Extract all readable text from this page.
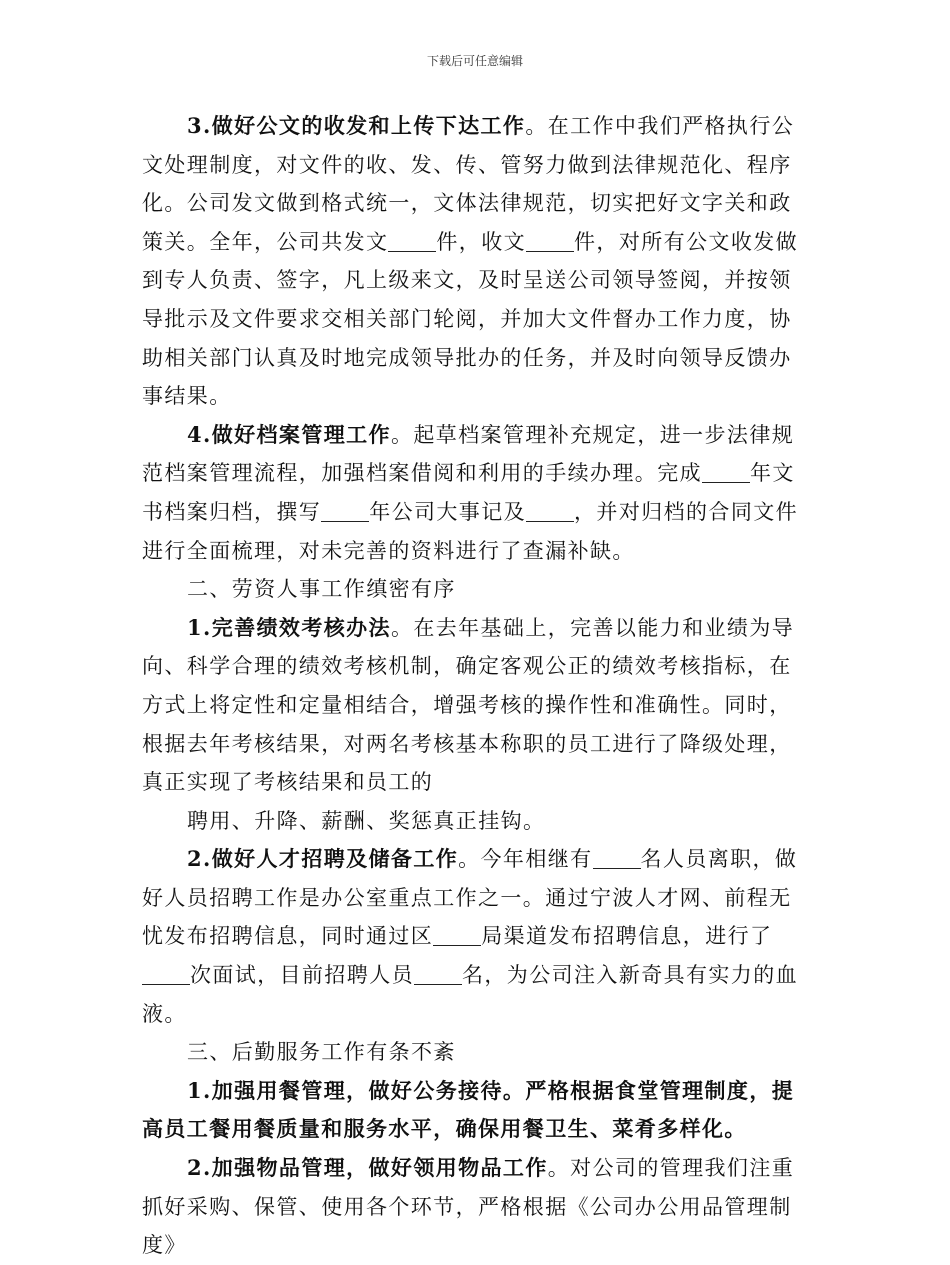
下载后可任意编辑

3.做好公文的收发和上传下达工作。在工作中我们严格执行公文处理制度，对文件的收、发、传、管努力做到法律规范化、程序化。公司发文做到格式统一，文体法律规范，切实把好文字关和政策关。全年，公司共发文 件，收文 件，对所有公文收发做到专人负责、签字，凡上级来文，及时呈送公司领导签阅，并按领导批示及文件要求交相关部门轮阅，并加大文件督办工作力度，协助相关部门认真及时地完成领导批办的任务，并及时向领导反馈办事结果。

4.做好档案管理工作。起草档案管理补充规定，进一步法律规范档案管理流程，加强档案借阅和利用的手续办理。完成 年文书档案归档，撰写 年公司大事记及 ，并对归档的合同文件进行全面梳理，对未完善的资料进行了查漏补缺。

二、劳资人事工作缜密有序

1.完善绩效考核办法。在去年基础上，完善以能力和业绩为导向、科学合理的绩效考核机制，确定客观公正的绩效考核指标，在方式上将定性和定量相结合，增强考核的操作性和准确性。同时，根据去年考核结果，对两名考核基本称职的员工进行了降级处理，真正实现了考核结果和员工的

聘用、升降、薪酬、奖惩真正挂钩。

2.做好人才招聘及储备工作。今年相继有 名人员离职，做好人员招聘工作是办公室重点工作之一。通过宁波人才网、前程无忧发布招聘信息，同时通过区 局渠道发布招聘信息，进行了次面试，目前招聘人员 名，为公司注入新奇具有实力的血液。

三、后勤服务工作有条不紊

1.加强用餐管理，做好公务接待。严格根据食堂管理制度，提高员工餐用餐质量和服务水平，确保用餐卫生、菜肴多样化。

2.加强物品管理，做好领用物品工作。对公司的管理我们注重抓好采购、保管、使用各个环节，严格根据《公司办公用品管理制度》
